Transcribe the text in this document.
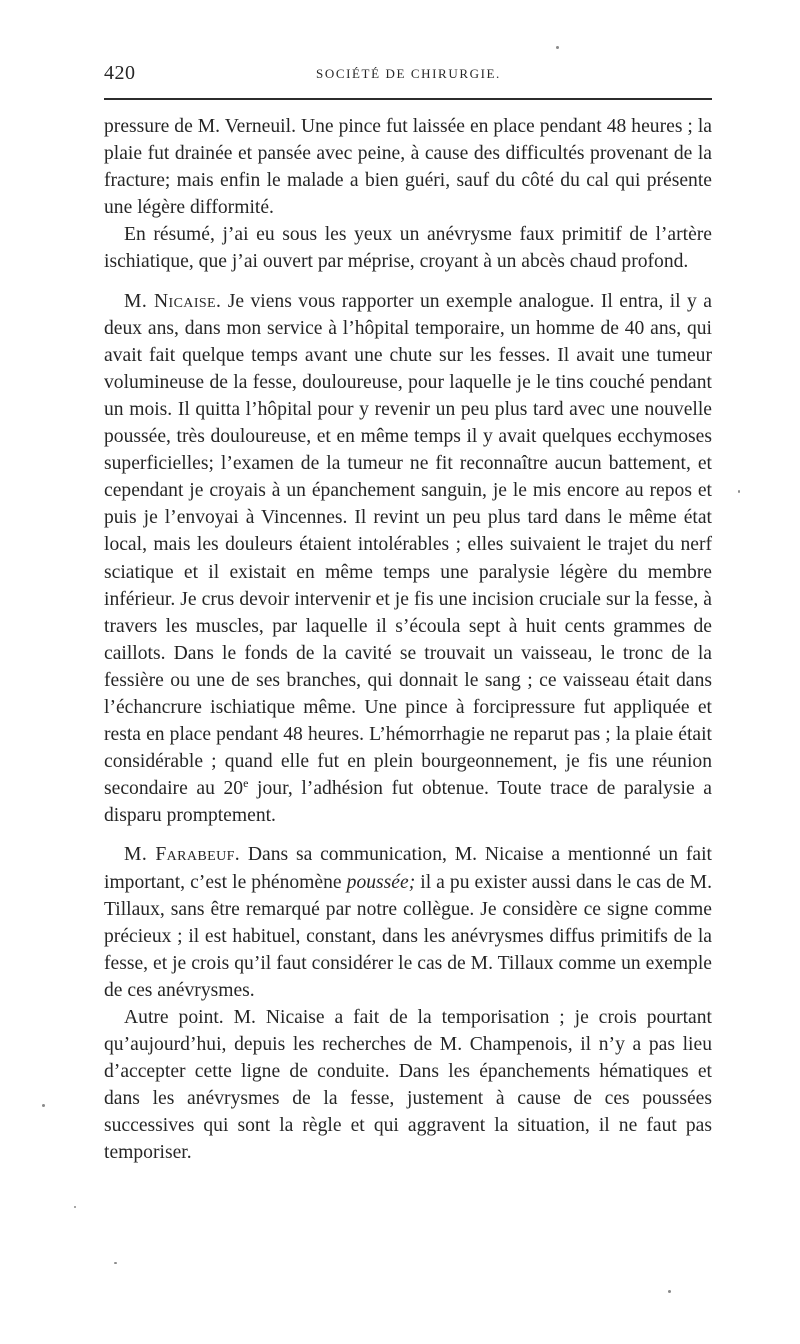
420	SOCIÉTÉ DE CHIRURGIE.

pressure de M. Verneuil. Une pince fut laissée en place pendant 48 heures ; la plaie fut drainée et pansée avec peine, à cause des difficultés provenant de la fracture; mais enfin le malade a bien guéri, sauf du côté du cal qui présente une légère difformité.

En résumé, j’ai eu sous les yeux un anévrysme faux primitif de l’artère ischiatique, que j’ai ouvert par méprise, croyant à un abcès chaud profond.

M. Nicaise. Je viens vous rapporter un exemple analogue. Il entra, il y a deux ans, dans mon service à l’hôpital temporaire, un homme de 40 ans, qui avait fait quelque temps avant une chute sur les fesses. Il avait une tumeur volumineuse de la fesse, douloureuse, pour laquelle je le tins couché pendant un mois. Il quitta l’hôpital pour y revenir un peu plus tard avec une nouvelle poussée, très douloureuse, et en même temps il y avait quelques ecchymoses superficielles; l’examen de la tumeur ne fit reconnaître aucun battement, et cependant je croyais à un épanchement sanguin, je le mis encore au repos et puis je l’envoyai à Vincennes. Il revint un peu plus tard dans le même état local, mais les douleurs étaient intolérables ; elles suivaient le trajet du nerf sciatique et il existait en même temps une paralysie légère du membre inférieur. Je crus devoir intervenir et je fis une incision cruciale sur la fesse, à travers les muscles, par laquelle il s’écoula sept à huit cents grammes de caillots. Dans le fonds de la cavité se trouvait un vaisseau, le tronc de la fessière ou une de ses branches, qui donnait le sang ; ce vaisseau était dans l’échancrure ischiatique même. Une pince à forcipressure fut appliquée et resta en place pendant 48 heures. L’hémorrhagie ne reparut pas ; la plaie était considérable ; quand elle fut en plein bourgeonnement, je fis une réunion secondaire au 20e jour, l’adhésion fut obtenue. Toute trace de paralysie a disparu promptement.

M. Farabeuf. Dans sa communication, M. Nicaise a mentionné un fait important, c’est le phénomène poussée; il a pu exister aussi dans le cas de M. Tillaux, sans être remarqué par notre collègue. Je considère ce signe comme précieux ; il est habituel, constant, dans les anévrysmes diffus primitifs de la fesse, et je crois qu’il faut considérer le cas de M. Tillaux comme un exemple de ces anévrysmes.

Autre point. M. Nicaise a fait de la temporisation ; je crois pourtant qu’aujourd’hui, depuis les recherches de M. Champenois, il n’y a pas lieu d’accepter cette ligne de conduite. Dans les épanchements hématiques et dans les anévrysmes de la fesse, justement à cause de ces poussées successives qui sont la règle et qui aggravent la situation, il ne faut pas temporiser.
